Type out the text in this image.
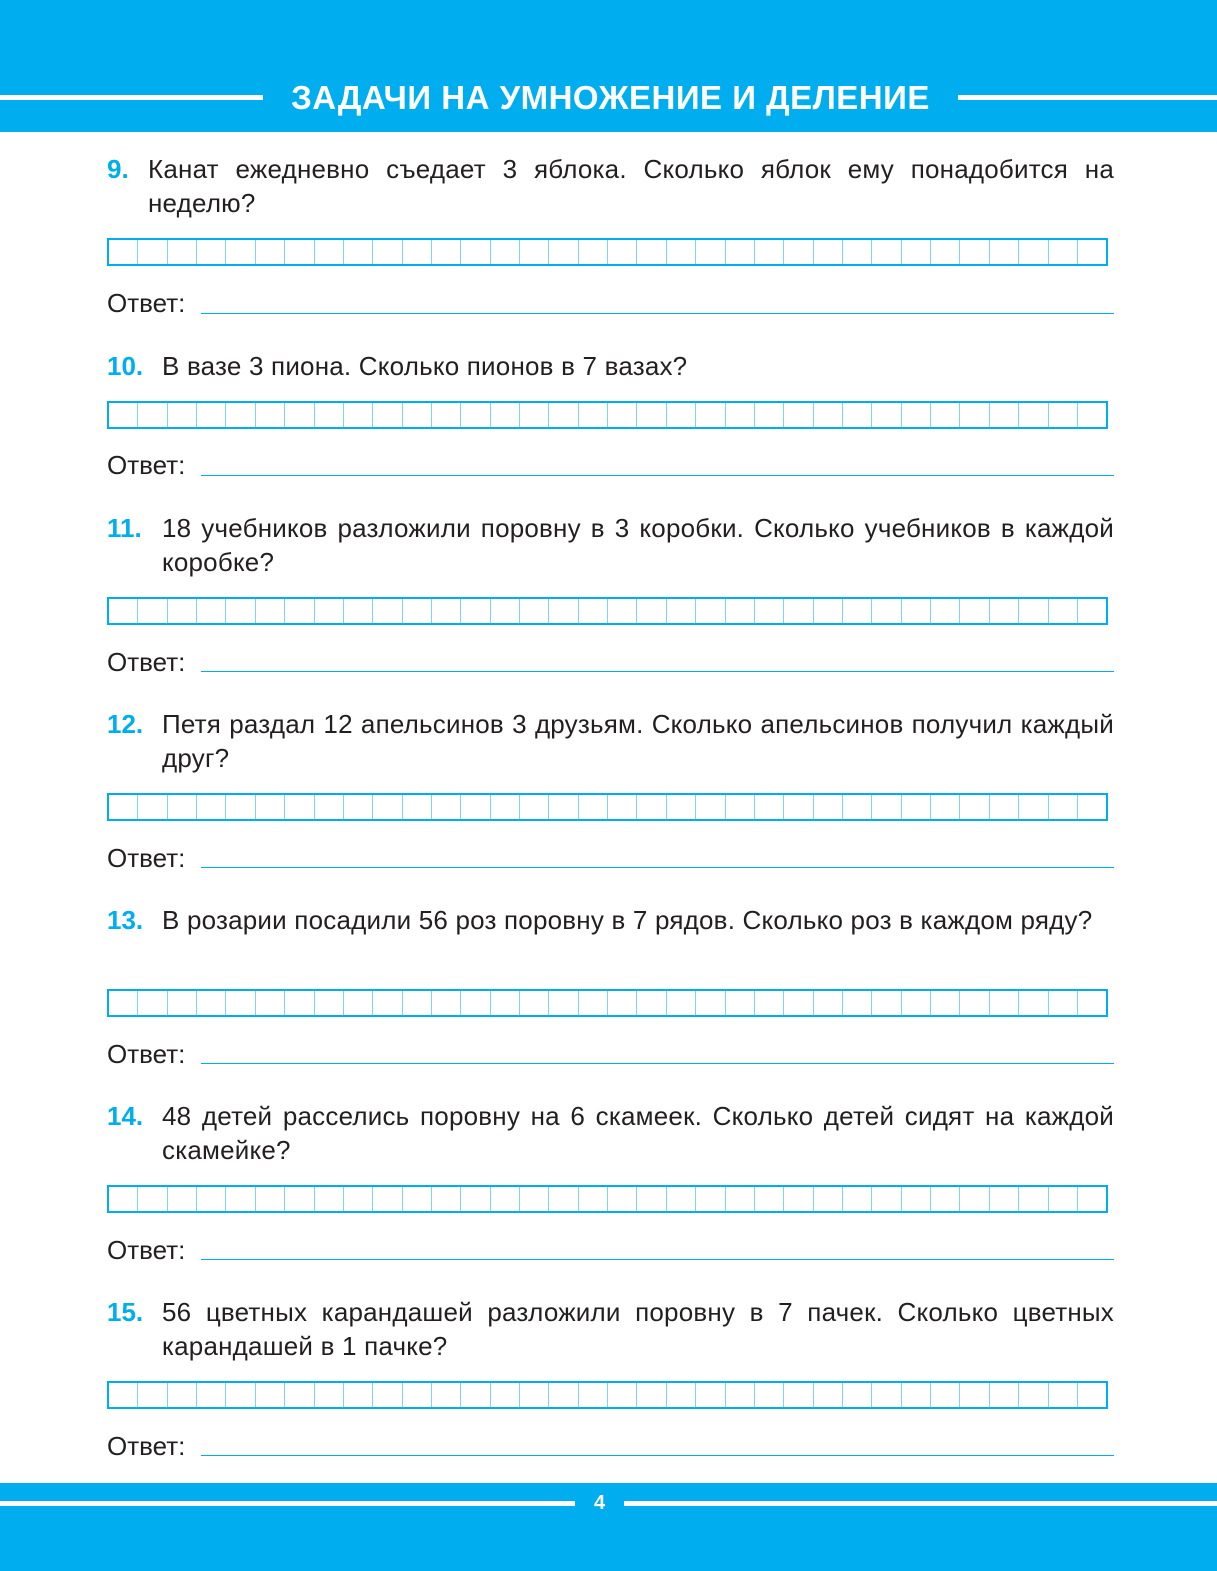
ЗАДАЧИ НА УМНОЖЕНИЕ И ДЕЛЕНИЕ
9. Канат ежедневно съедает 3 яблока. Сколько яблок ему понадобится на неделю?
Ответ:
10. В вазе 3 пиона. Сколько пионов в 7 вазах?
Ответ:
11. 18 учебников разложили поровну в 3 коробки. Сколько учебников в каждой коробке?
Ответ:
12. Петя раздал 12 апельсинов 3 друзьям. Сколько апельсинов получил каждый друг?
Ответ:
13. В розарии посадили 56 роз поровну в 7 рядов. Сколько роз в каждом ряду?
Ответ:
14. 48 детей расселись поровну на 6 скамеек. Сколько детей сидят на каждой скамейке?
Ответ:
15. 56 цветных карандашей разложили поровну в 7 пачек. Сколько цветных карандашей в 1 пачке?
Ответ:
4
